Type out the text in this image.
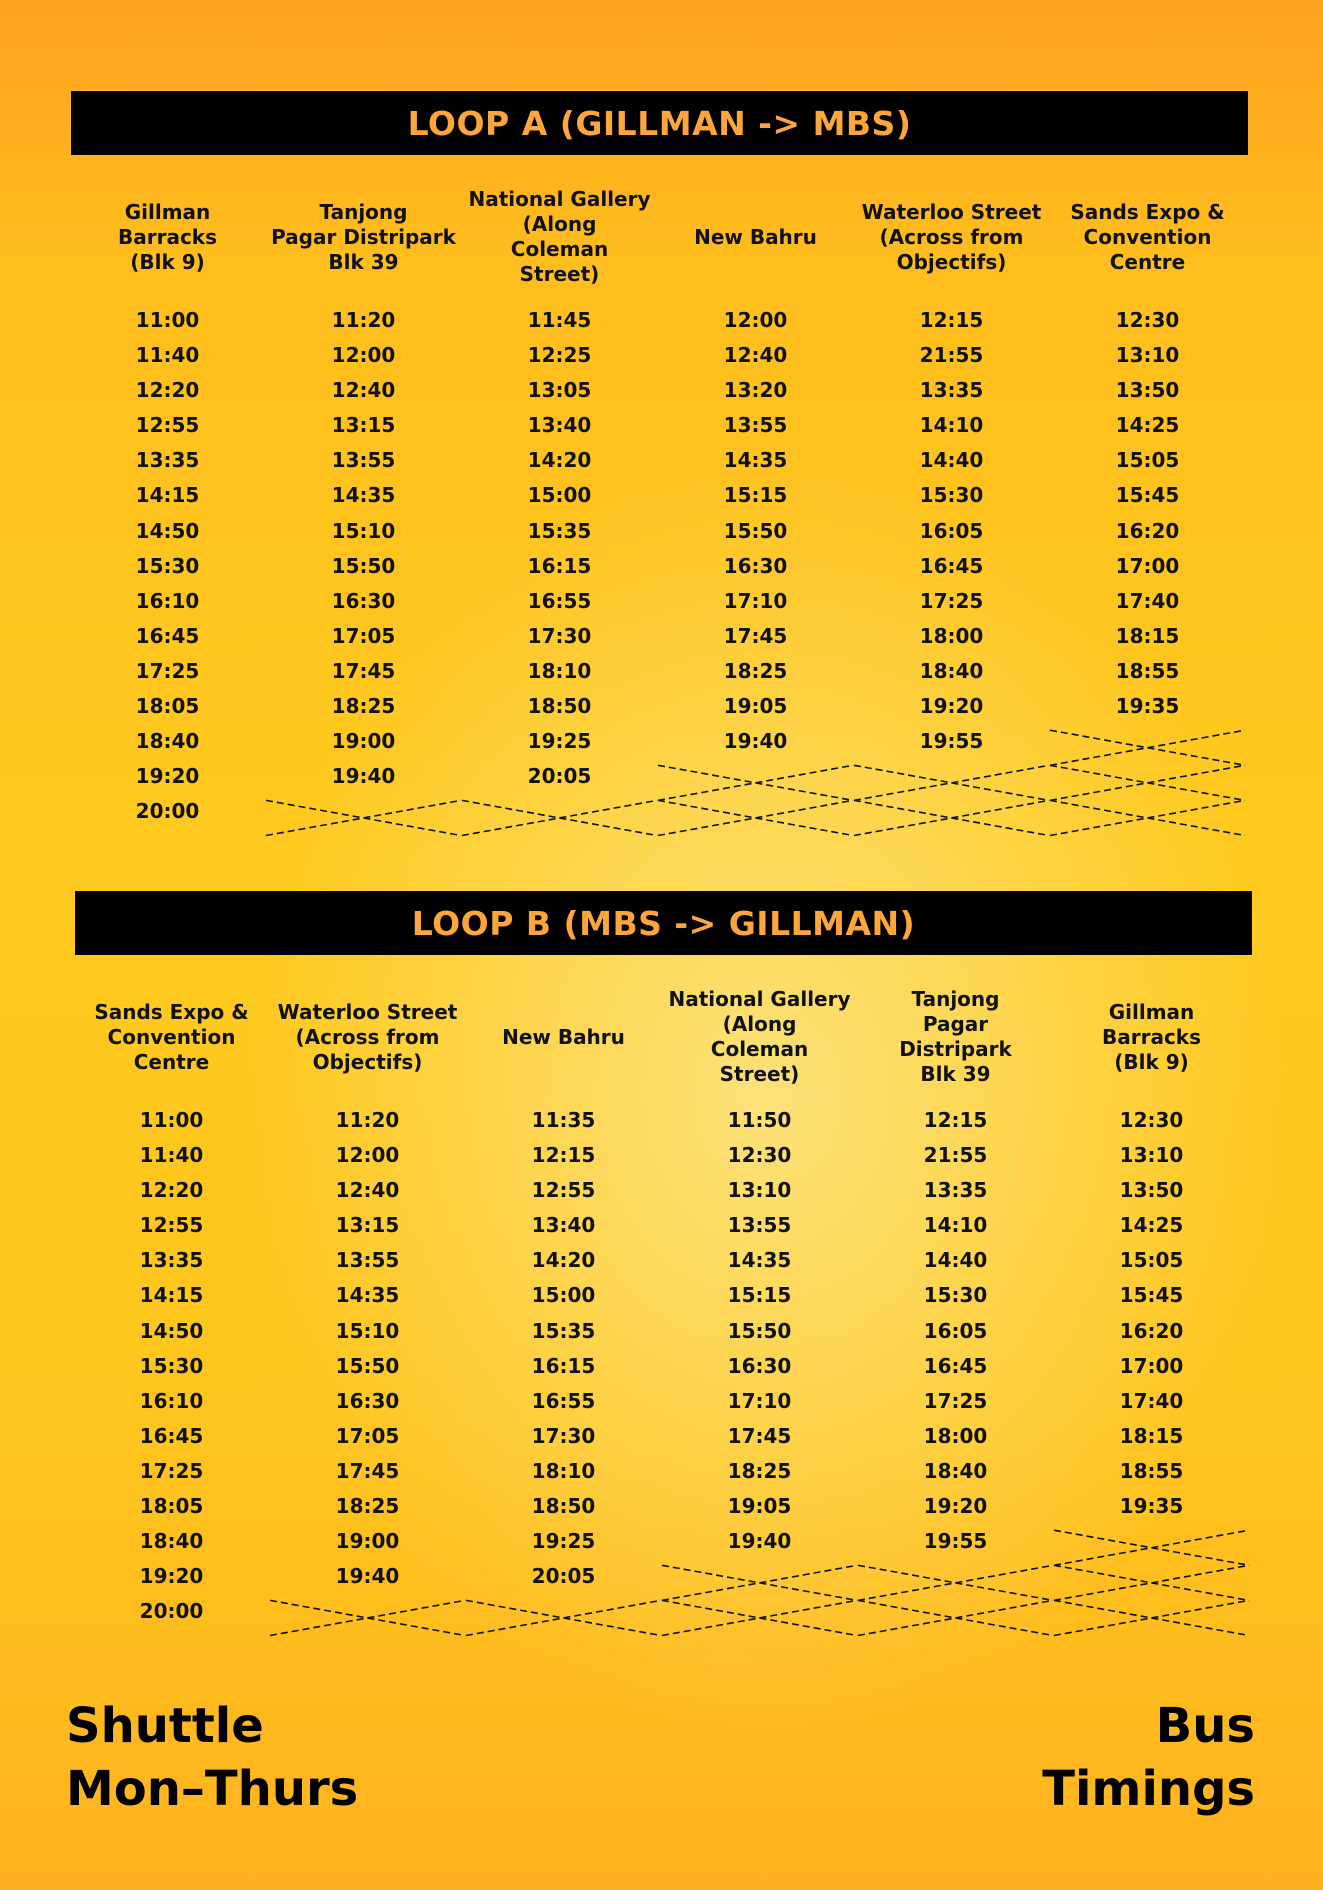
LOOP A (GILLMAN -> MBS)
Gillman
Barracks
(Blk 9)
11:00
11:40
12:20
12:55
13:35
14:15
14:50
15:30
16:10
16:45
17:25
18:05
18:40
19:20
20:00
Tanjong
Pagar Distripark
Blk 39
11:20
12:00
12:40
13:15
13:55
14:35
15:10
15:50
16:30
17:05
17:45
18:25
19:00
19:40
National Gallery
(Along
Coleman
Street)
11:45
12:25
13:05
13:40
14:20
15:00
15:35
16:15
16:55
17:30
18:10
18:50
19:25
20:05
New Bahru
12:00
12:40
13:20
13:55
14:35
15:15
15:50
16:30
17:10
17:45
18:25
19:05
19:40
Waterloo Street
(Across from
Objectifs)
12:15
21:55
13:35
14:10
14:40
15:30
16:05
16:45
17:25
18:00
18:40
19:20
19:55
Sands Expo &
Convention
Centre
12:30
13:10
13:50
14:25
15:05
15:45
16:20
17:00
17:40
18:15
18:55
19:35
LOOP B (MBS -> GILLMAN)
Sands Expo &
Convention
Centre
11:00
11:40
12:20
12:55
13:35
14:15
14:50
15:30
16:10
16:45
17:25
18:05
18:40
19:20
20:00
Waterloo Street
(Across from
Objectifs)
11:20
12:00
12:40
13:15
13:55
14:35
15:10
15:50
16:30
17:05
17:45
18:25
19:00
19:40
New Bahru
11:35
12:15
12:55
13:40
14:20
15:00
15:35
16:15
16:55
17:30
18:10
18:50
19:25
20:05
National Gallery
(Along
Coleman
Street)
11:50
12:30
13:10
13:55
14:35
15:15
15:50
16:30
17:10
17:45
18:25
19:05
19:40
Tanjong
Pagar
Distripark
Blk 39
12:15
21:55
13:35
14:10
14:40
15:30
16:05
16:45
17:25
18:00
18:40
19:20
19:55
Gillman
Barracks
(Blk 9)
12:30
13:10
13:50
14:25
15:05
15:45
16:20
17:00
17:40
18:15
18:55
19:35
Shuttle
Mon–Thurs
Bus
Timings
